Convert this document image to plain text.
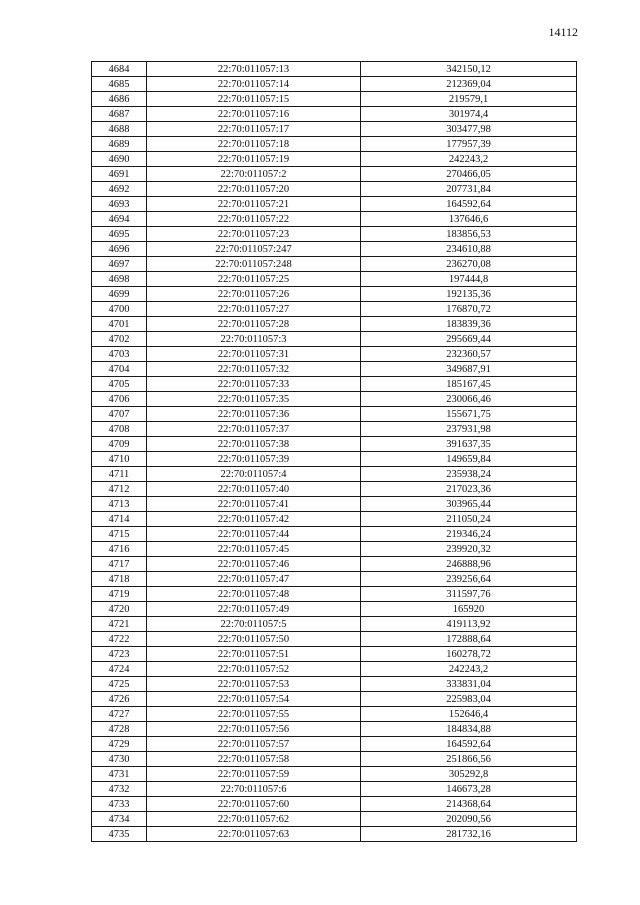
14112
4684	22:70:011057:13	342150,12
4685	22:70:011057:14	212369,04
4686	22:70:011057:15	219579,1
4687	22:70:011057:16	301974,4
4688	22:70:011057:17	303477,98
4689	22:70:011057:18	177957,39
4690	22:70:011057:19	242243,2
4691	22:70:011057:2	270466,05
4692	22:70:011057:20	207731,84
4693	22:70:011057:21	164592,64
4694	22:70:011057:22	137646,6
4695	22:70:011057:23	183856,53
4696	22:70:011057:247	234610,88
4697	22:70:011057:248	236270,08
4698	22:70:011057:25	197444,8
4699	22:70:011057:26	192135,36
4700	22:70:011057:27	176870,72
4701	22:70:011057:28	183839,36
4702	22:70:011057:3	295669,44
4703	22:70:011057:31	232360,57
4704	22:70:011057:32	349687,91
4705	22:70:011057:33	185167,45
4706	22:70:011057:35	230066,46
4707	22:70:011057:36	155671,75
4708	22:70:011057:37	237931,98
4709	22:70:011057:38	391637,35
4710	22:70:011057:39	149659,84
4711	22:70:011057:4	235938,24
4712	22:70:011057:40	217023,36
4713	22:70:011057:41	303965,44
4714	22:70:011057:42	211050,24
4715	22:70:011057:44	219346,24
4716	22:70:011057:45	239920,32
4717	22:70:011057:46	246888,96
4718	22:70:011057:47	239256,64
4719	22:70:011057:48	311597,76
4720	22:70:011057:49	165920
4721	22:70:011057:5	419113,92
4722	22:70:011057:50	172888,64
4723	22:70:011057:51	160278,72
4724	22:70:011057:52	242243,2
4725	22:70:011057:53	333831,04
4726	22:70:011057:54	225983,04
4727	22:70:011057:55	152646,4
4728	22:70:011057:56	184834,88
4729	22:70:011057:57	164592,64
4730	22:70:011057:58	251866,56
4731	22:70:011057:59	305292,8
4732	22:70:011057:6	146673,28
4733	22:70:011057:60	214368,64
4734	22:70:011057:62	202090,56
4735	22:70:011057:63	281732,16
